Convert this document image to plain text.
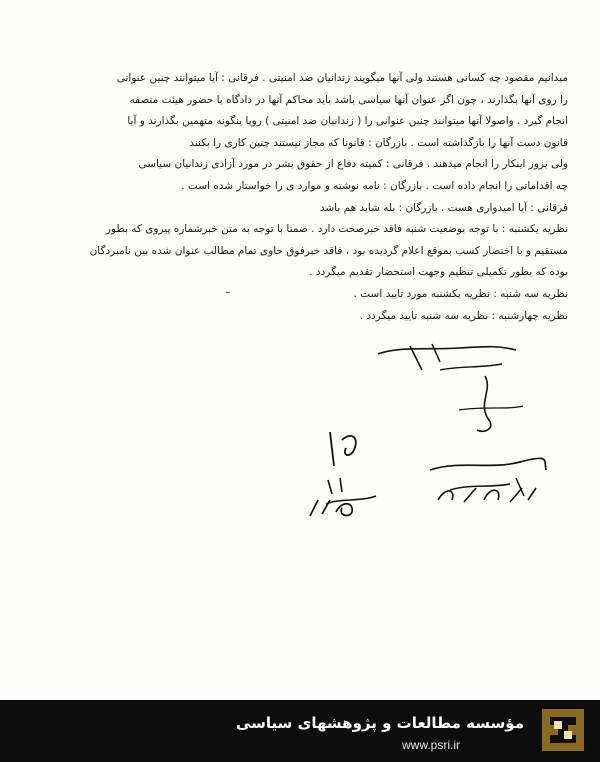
میدانیم مقصود چه کسانی هستند ولی آنها میگویند زندانیان ضد امنیتی . فرقانی : آیا میتوانند چنین عنوانی
را روی آنها بگذارند ، چون اگر عنوان آنها سیاسی باشد باید محاکم آنها در دادگاه با حضور هیئت منصفه
انجام گیرد . واصولا آنها میتوانند چنین عنوانی را ( زندانیان ضد امنیتی ) رویا ینگونه متهمین بگذارند و آیا
قانون دست آنها را بازگذاشته است . بازرگان : قانونا که مجاز نیستند چنین کاری را بکنند
ولی بزور اینکار را انجام میدهند . فرقانی : کمیته دفاع از حقوق بشر در مورد آزادی زندانیان سیاسی
چه اقداماتی را انجام داده است . بازرگان : نامه نوشته و موارد ی را خواستار شده است .
فرقانی : آیا امیدواری هست . بازرگان : بله شاید هم باشد
نظریه یکشنبه : با توجه بوضعیت شنبه فاقد خبرصحت دارد . ضمنا با توجه به متن خبرشماره پیروی که بطور
مستقیم و با اختصار کسب بموقع اعلام گردیده بود ، فاقد خبرفوق حاوی تمام مطالب عنوان شده بین نامبردگان
بوده که بطور تکمیلی تنظیم وجهت استحضار تقدیم میگردد .
نظریه سه شنبه : نظریه یکشنبه مورد تایید است .
نظریه چهارشنبه : نظریه سه شنبه تایید میگردد .
ـ
مؤسسه مطالعات و پژوهشهای سیاسی
www.psri.ir
